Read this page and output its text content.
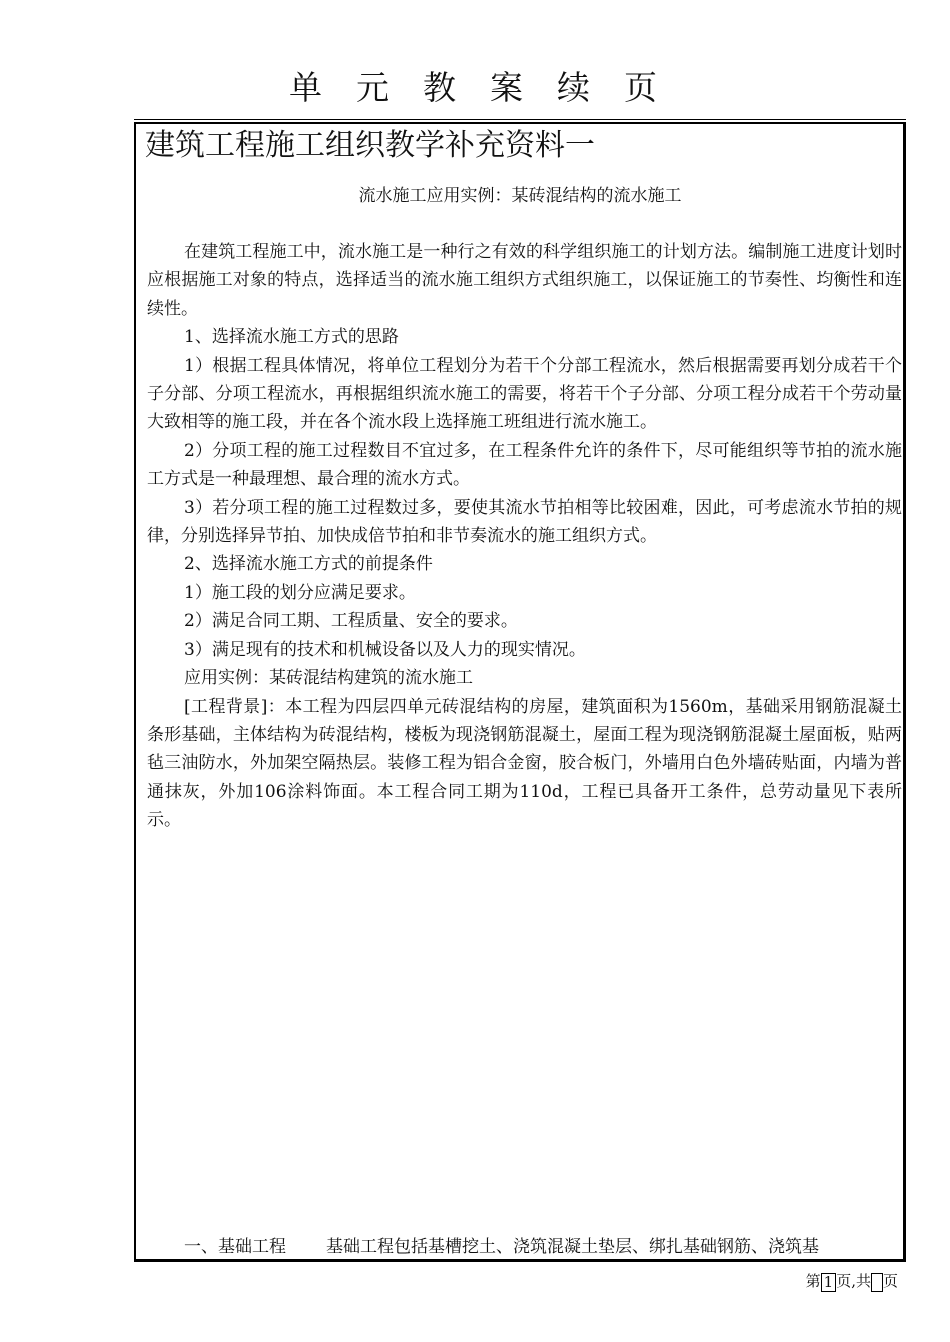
单元教案续页
建筑工程施工组织教学补充资料一
流水施工应用实例：某砖混结构的流水施工

在建筑工程施工中，流水施工是一种行之有效的科学组织施工的计划方法。编制施工进度计划时应根据施工对象的特点，选择适当的流水施工组织方式组织施工，以保证施工的节奏性、均衡性和连续性。

1、选择流水施工方式的思路

1）根据工程具体情况，将单位工程划分为若干个分部工程流水，然后根据需要再划分成若干个子分部、分项工程流水，再根据组织流水施工的需要，将若干个子分部、分项工程分成若干个劳动量大致相等的施工段，并在各个流水段上选择施工班组进行流水施工。

2）分项工程的施工过程数目不宜过多，在工程条件允许的条件下，尽可能组织等节拍的流水施工方式是一种最理想、最合理的流水方式。

3）若分项工程的施工过程数过多，要使其流水节拍相等比较困难，因此，可考虑流水节拍的规律，分别选择异节拍、加快成倍节拍和非节奏流水的施工组织方式。

2、选择流水施工方式的前提条件

1）施工段的划分应满足要求。

2）满足合同工期、工程质量、安全的要求。

3）满足现有的技术和机械设备以及人力的现实情况。

应用实例：某砖混结构建筑的流水施工

[工程背景]：本工程为四层四单元砖混结构的房屋，建筑面积为1560m，基础采用钢筋混凝土条形基础，主体结构为砖混结构，楼板为现浇钢筋混凝土，屋面工程为现浇钢筋混凝土屋面板，贴两毡三油防水，外加架空隔热层。装修工程为铝合金窗，胶合板门，外墙用白色外墙砖贴面，内墙为普通抹灰，外加106涂料饰面。本工程合同工期为110d，工程已具备开工条件，总劳动量见下表所示。

一、基础工程 基础工程包括基槽挖土、浇筑混凝土垫层、绑扎基础钢筋、浇筑基
第 1 页,共 页
